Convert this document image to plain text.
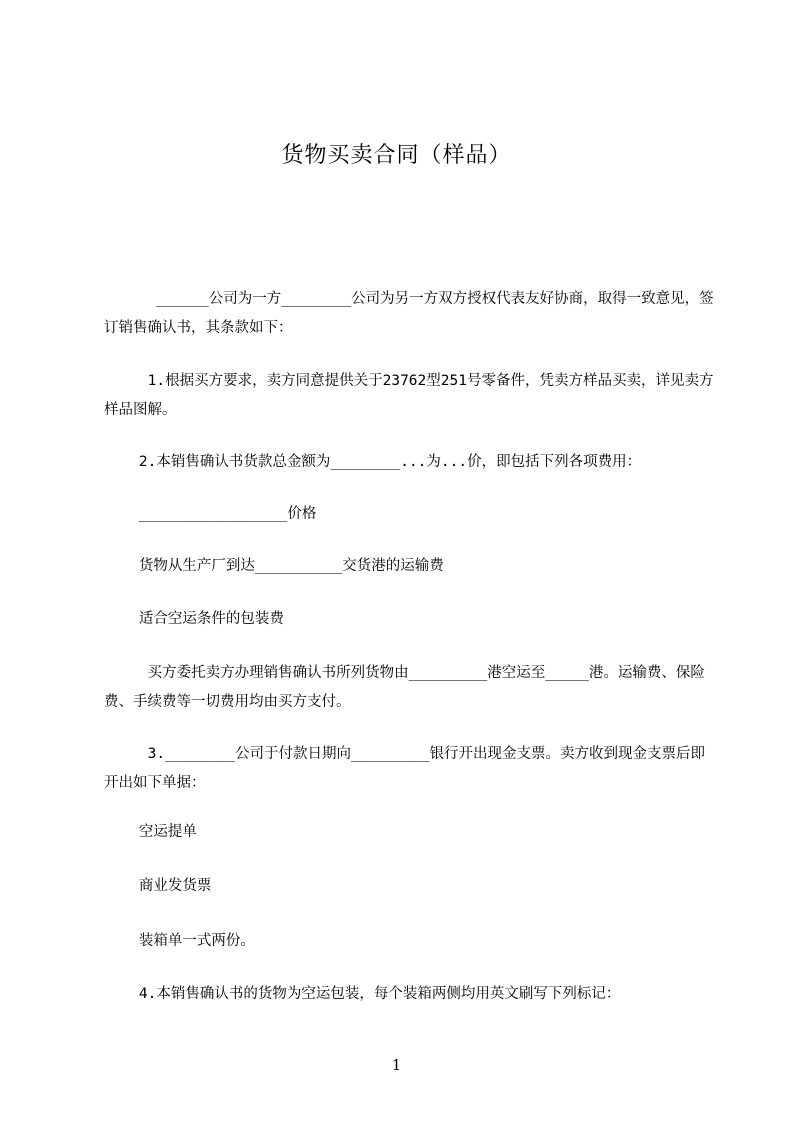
货物买卖合同（样品）
______公司为一方________公司为另一方双方授权代表友好协商，取得一致意见，签订销售确认书，其条款如下：
1.根据买方要求，卖方同意提供关于23762型251号零备件，凭卖方样品买卖，详见卖方样品图解。
2.本销售确认书货款总金额为________...为...价，即包括下列各项费用：
_________________价格
货物从生产厂到达__________交货港的运输费
适合空运条件的包装费
买方委托卖方办理销售确认书所列货物由_________港空运至_____港。运输费、保险费、手续费等一切费用均由买方支付。
3.________公司于付款日期向_________银行开出现金支票。卖方收到现金支票后即开出如下单据：
空运提单
商业发货票
装箱单一式两份。
4.本销售确认书的货物为空运包装，每个装箱两侧均用英文刷写下列标记：
1
